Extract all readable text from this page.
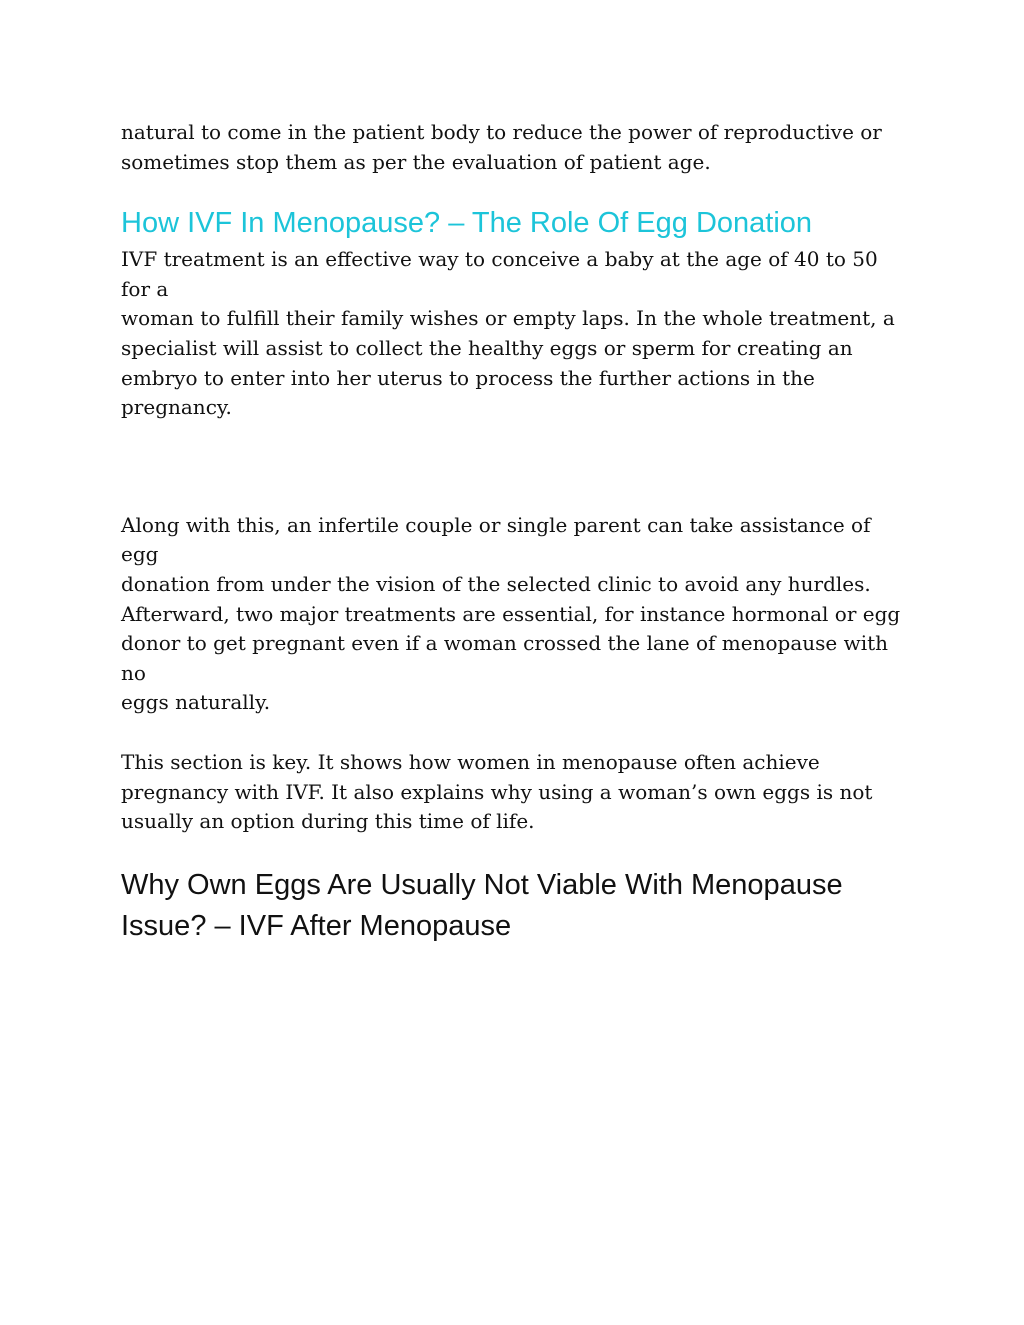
natural to come in the patient body to reduce the power of reproductive or
sometimes stop them as per the evaluation of patient age.

How IVF In Menopause? – The Role Of Egg Donation

IVF treatment is an effective way to conceive a baby at the age of 40 to 50 for a
woman to fulfill their family wishes or empty laps. In the whole treatment, a
specialist will assist to collect the healthy eggs or sperm for creating an
embryo to enter into her uterus to process the further actions in the
pregnancy.

Along with this, an infertile couple or single parent can take assistance of egg
donation from under the vision of the selected clinic to avoid any hurdles.
Afterward, two major treatments are essential, for instance hormonal or egg
donor to get pregnant even if a woman crossed the lane of menopause with no
eggs naturally.

This section is key. It shows how women in menopause often achieve
pregnancy with IVF. It also explains why using a woman’s own eggs is not
usually an option during this time of life.

Why Own Eggs Are Usually Not Viable With Menopause
Issue? – IVF After Menopause
